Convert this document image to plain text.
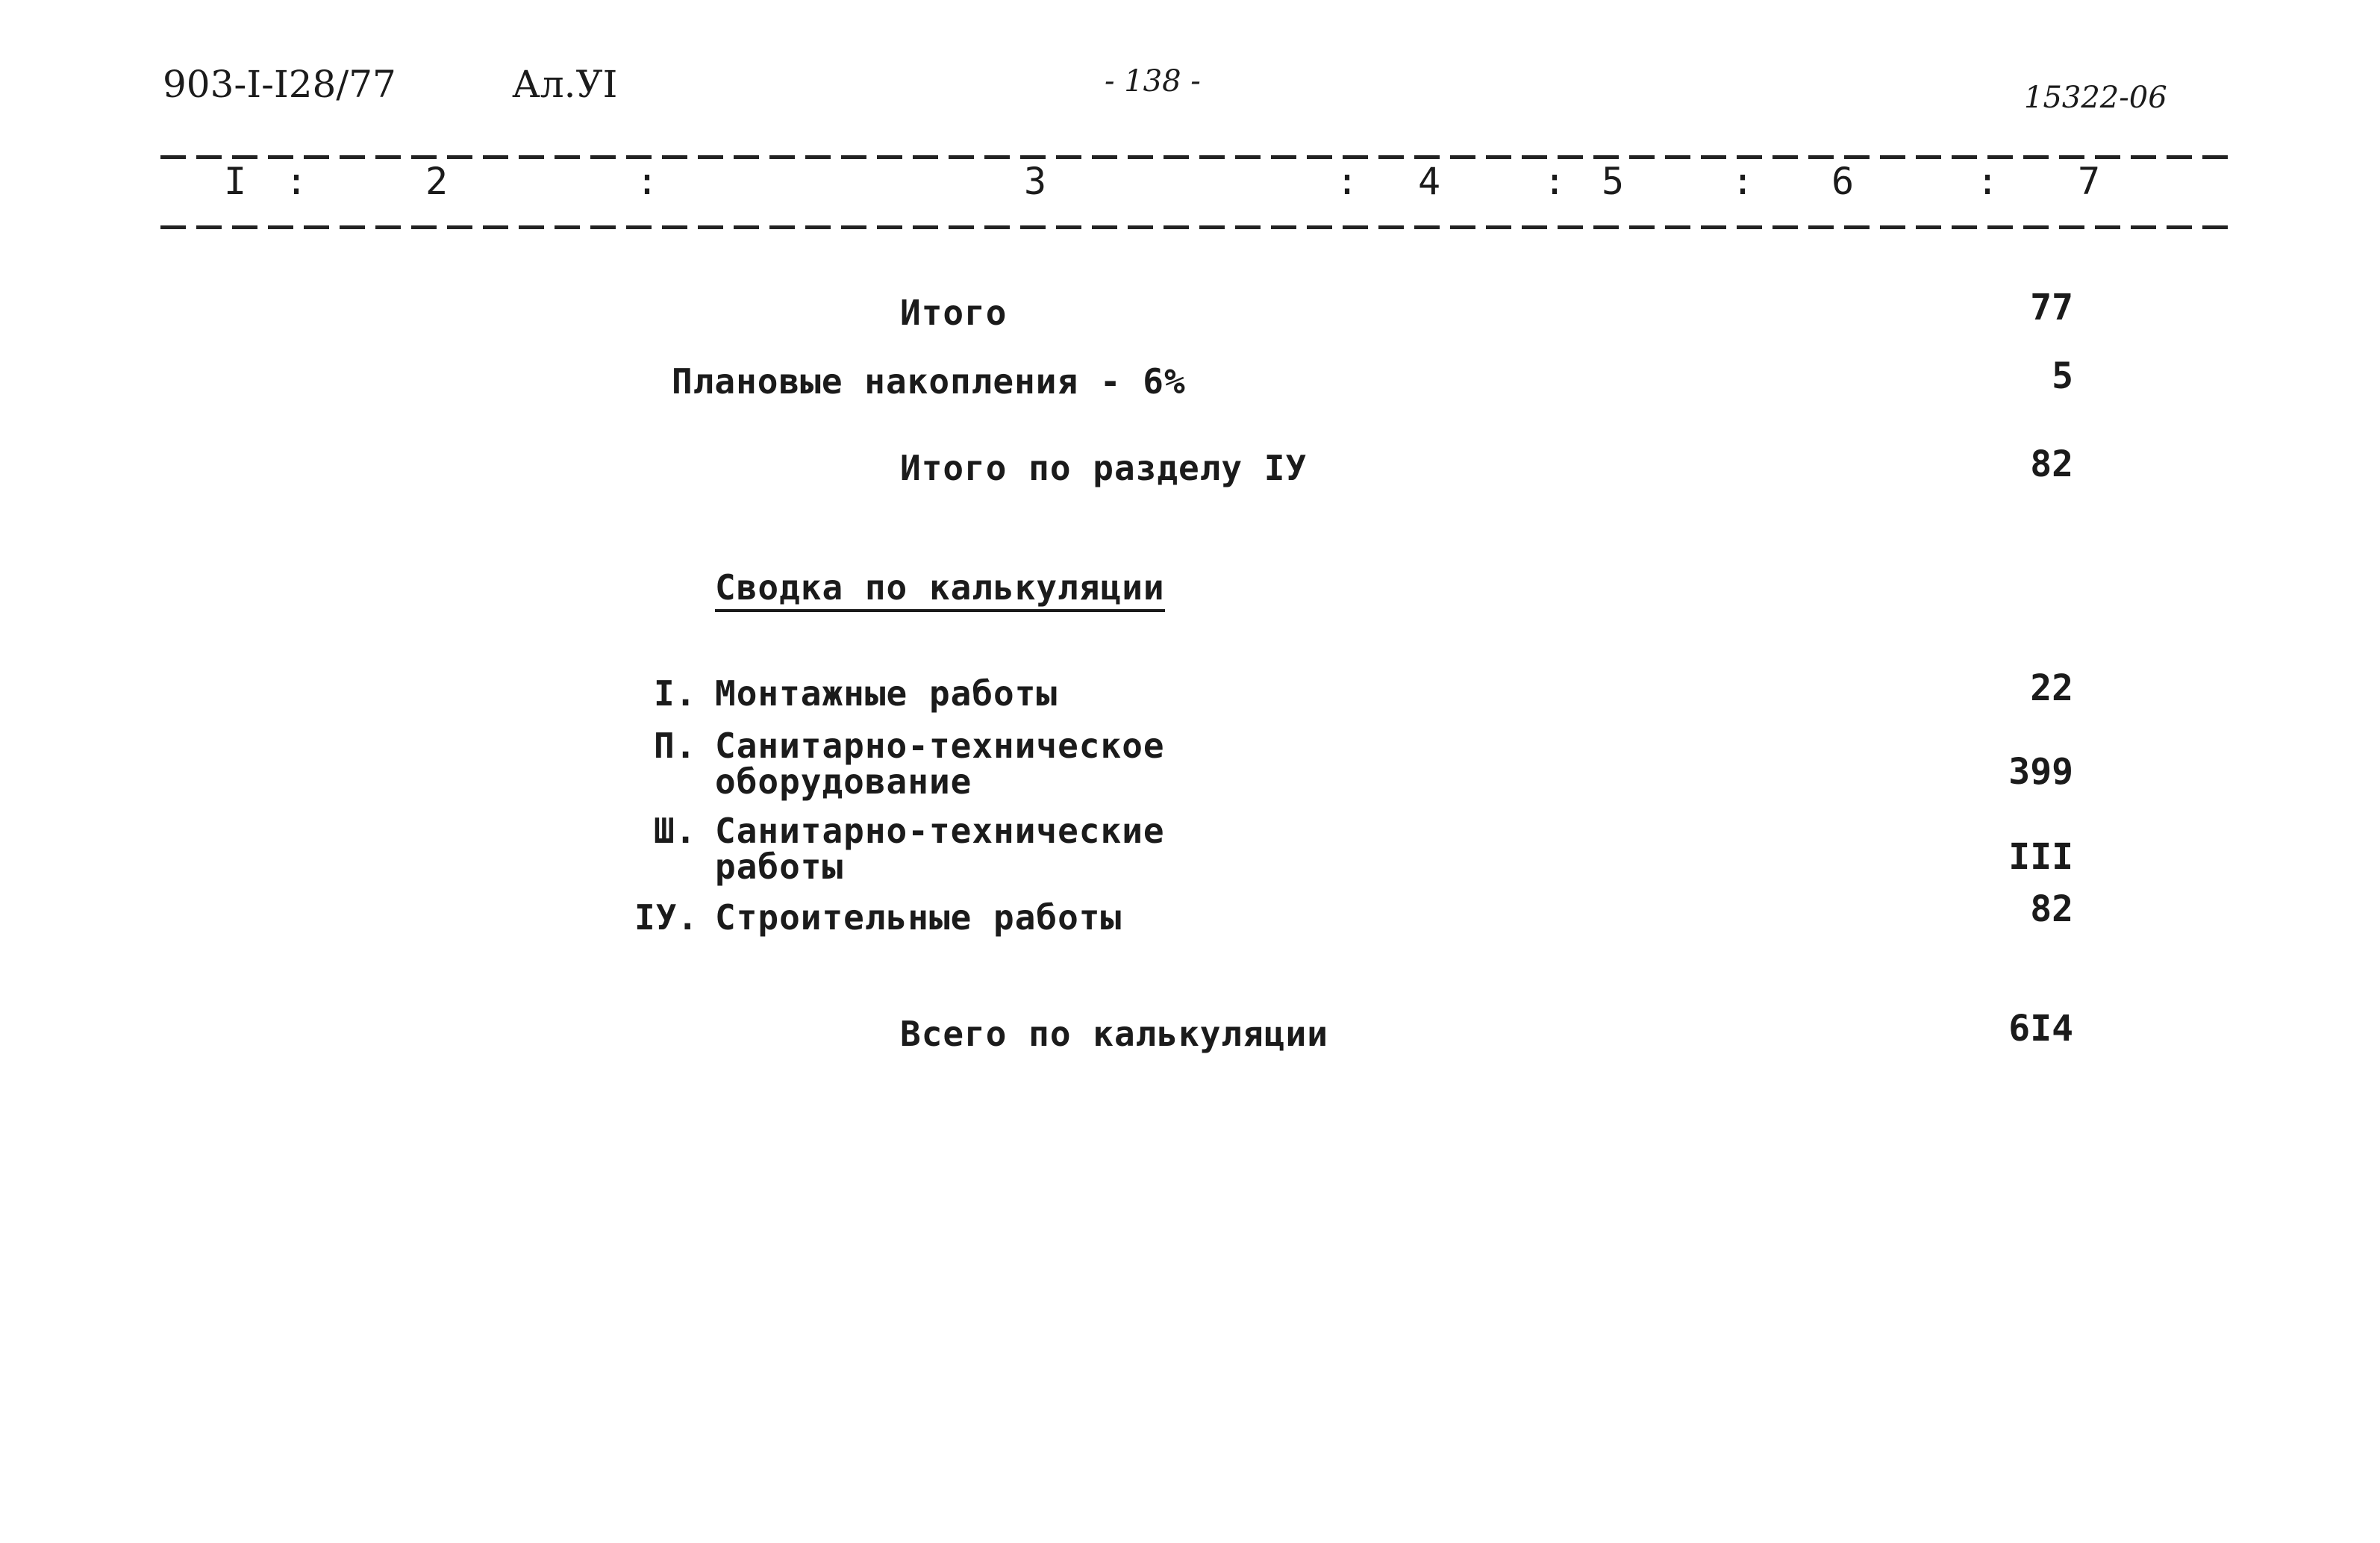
903-I-I28/77	Ал.УI	- 138 -	15322-06
I :	2	:	3	: 4	: 5	: 6	: 7
Итого	77
Плановые накопления - 6%	5
Итого по разделу IУ	82
Сводка по калькуляции
I. Монтажные работы	22
П. Санитарно-техническое
оборудование	399
Ш. Санитарно-технические
работы	III
IУ. Строительные работы	82
Всего по калькуляции	6I4
